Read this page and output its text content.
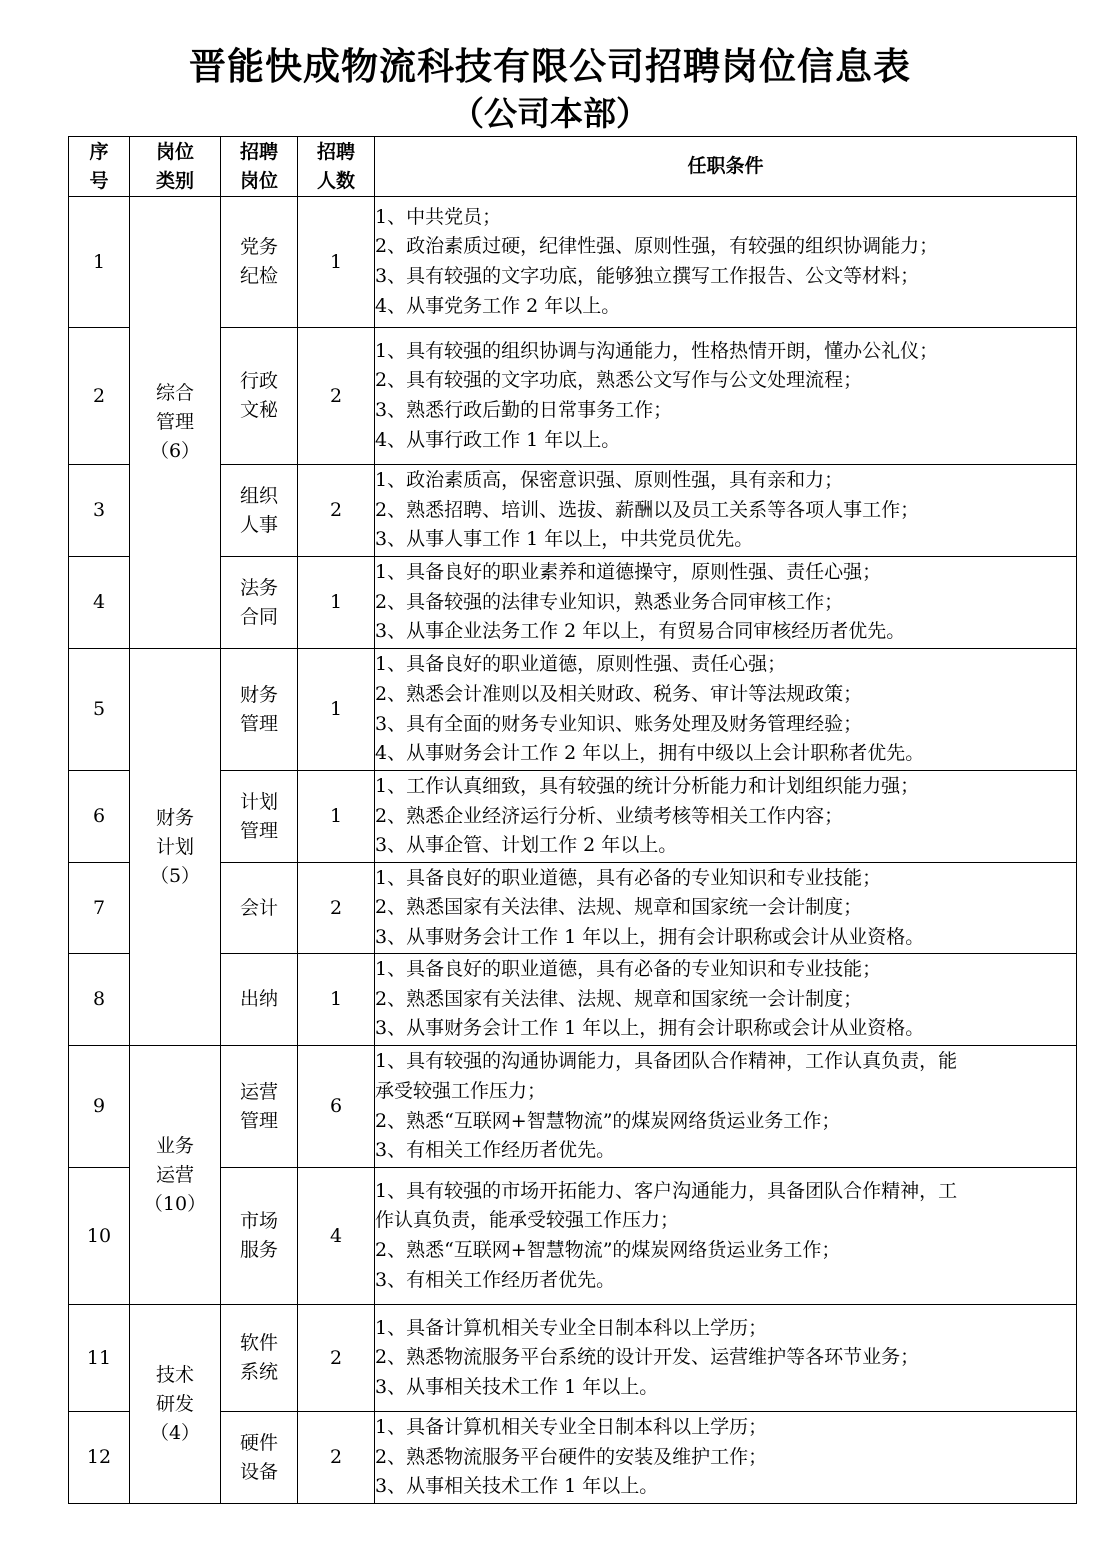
晋能快成物流科技有限公司招聘岗位信息表
（公司本部）
序
号	岗位
类别	招聘
岗位	招聘
人数	任职条件
1	综合
管理
（6）	党务
纪检	1	1、中共党员；
2、政治素质过硬，纪律性强、原则性强，有较强的组织协调能力；
3、具有较强的文字功底，能够独立撰写工作报告、公文等材料；
4、从事党务工作 2 年以上。

2		行政
文秘	2	1、具有较强的组织协调与沟通能力，性格热情开朗，懂办公礼仪；
2、具有较强的文字功底，熟悉公文写作与公文处理流程；
3、熟悉行政后勤的日常事务工作；
4、从事行政工作 1 年以上。

3		组织
人事	2	1、政治素质高，保密意识强、原则性强，具有亲和力；
2、熟悉招聘、培训、选拔、薪酬以及员工关系等各项人事工作；
3、从事人事工作 1 年以上，中共党员优先。

4		法务
合同	1	1、具备良好的职业素养和道德操守，原则性强、责任心强；
2、具备较强的法律专业知识，熟悉业务合同审核工作；
3、从事企业法务工作 2 年以上，有贸易合同审核经历者优先。

5	财务
计划
（5）	财务
管理	1	1、具备良好的职业道德，原则性强、责任心强；
2、熟悉会计准则以及相关财政、税务、审计等法规政策；
3、具有全面的财务专业知识、账务处理及财务管理经验；
4、从事财务会计工作 2 年以上，拥有中级以上会计职称者优先。

6		计划
管理	1	1、工作认真细致，具有较强的统计分析能力和计划组织能力强；
2、熟悉企业经济运行分析、业绩考核等相关工作内容；
3、从事企管、计划工作 2 年以上。

7		会计	2	1、具备良好的职业道德，具有必备的专业知识和专业技能；
2、熟悉国家有关法律、法规、规章和国家统一会计制度；
3、从事财务会计工作 1 年以上，拥有会计职称或会计从业资格。

8		出纳	1	1、具备良好的职业道德，具有必备的专业知识和专业技能；
2、熟悉国家有关法律、法规、规章和国家统一会计制度；
3、从事财务会计工作 1 年以上，拥有会计职称或会计从业资格。

9	业务
运营
（10）	运营
管理	6	1、具有较强的沟通协调能力，具备团队合作精神，工作认真负责，能
承受较强工作压力；
2、熟悉“互联网+智慧物流”的煤炭网络货运业务工作；
3、有相关工作经历者优先。

10		市场
服务	4	1、具有较强的市场开拓能力、客户沟通能力，具备团队合作精神，工
作认真负责，能承受较强工作压力；
2、熟悉“互联网+智慧物流”的煤炭网络货运业务工作；
3、有相关工作经历者优先。

11	技术
研发
（4）	软件
系统	2	1、具备计算机相关专业全日制本科以上学历；
2、熟悉物流服务平台系统的设计开发、运营维护等各环节业务；
3、从事相关技术工作 1 年以上。

12		硬件
设备	2	1、具备计算机相关专业全日制本科以上学历；
2、熟悉物流服务平台硬件的安装及维护工作；
3、从事相关技术工作 1 年以上。
